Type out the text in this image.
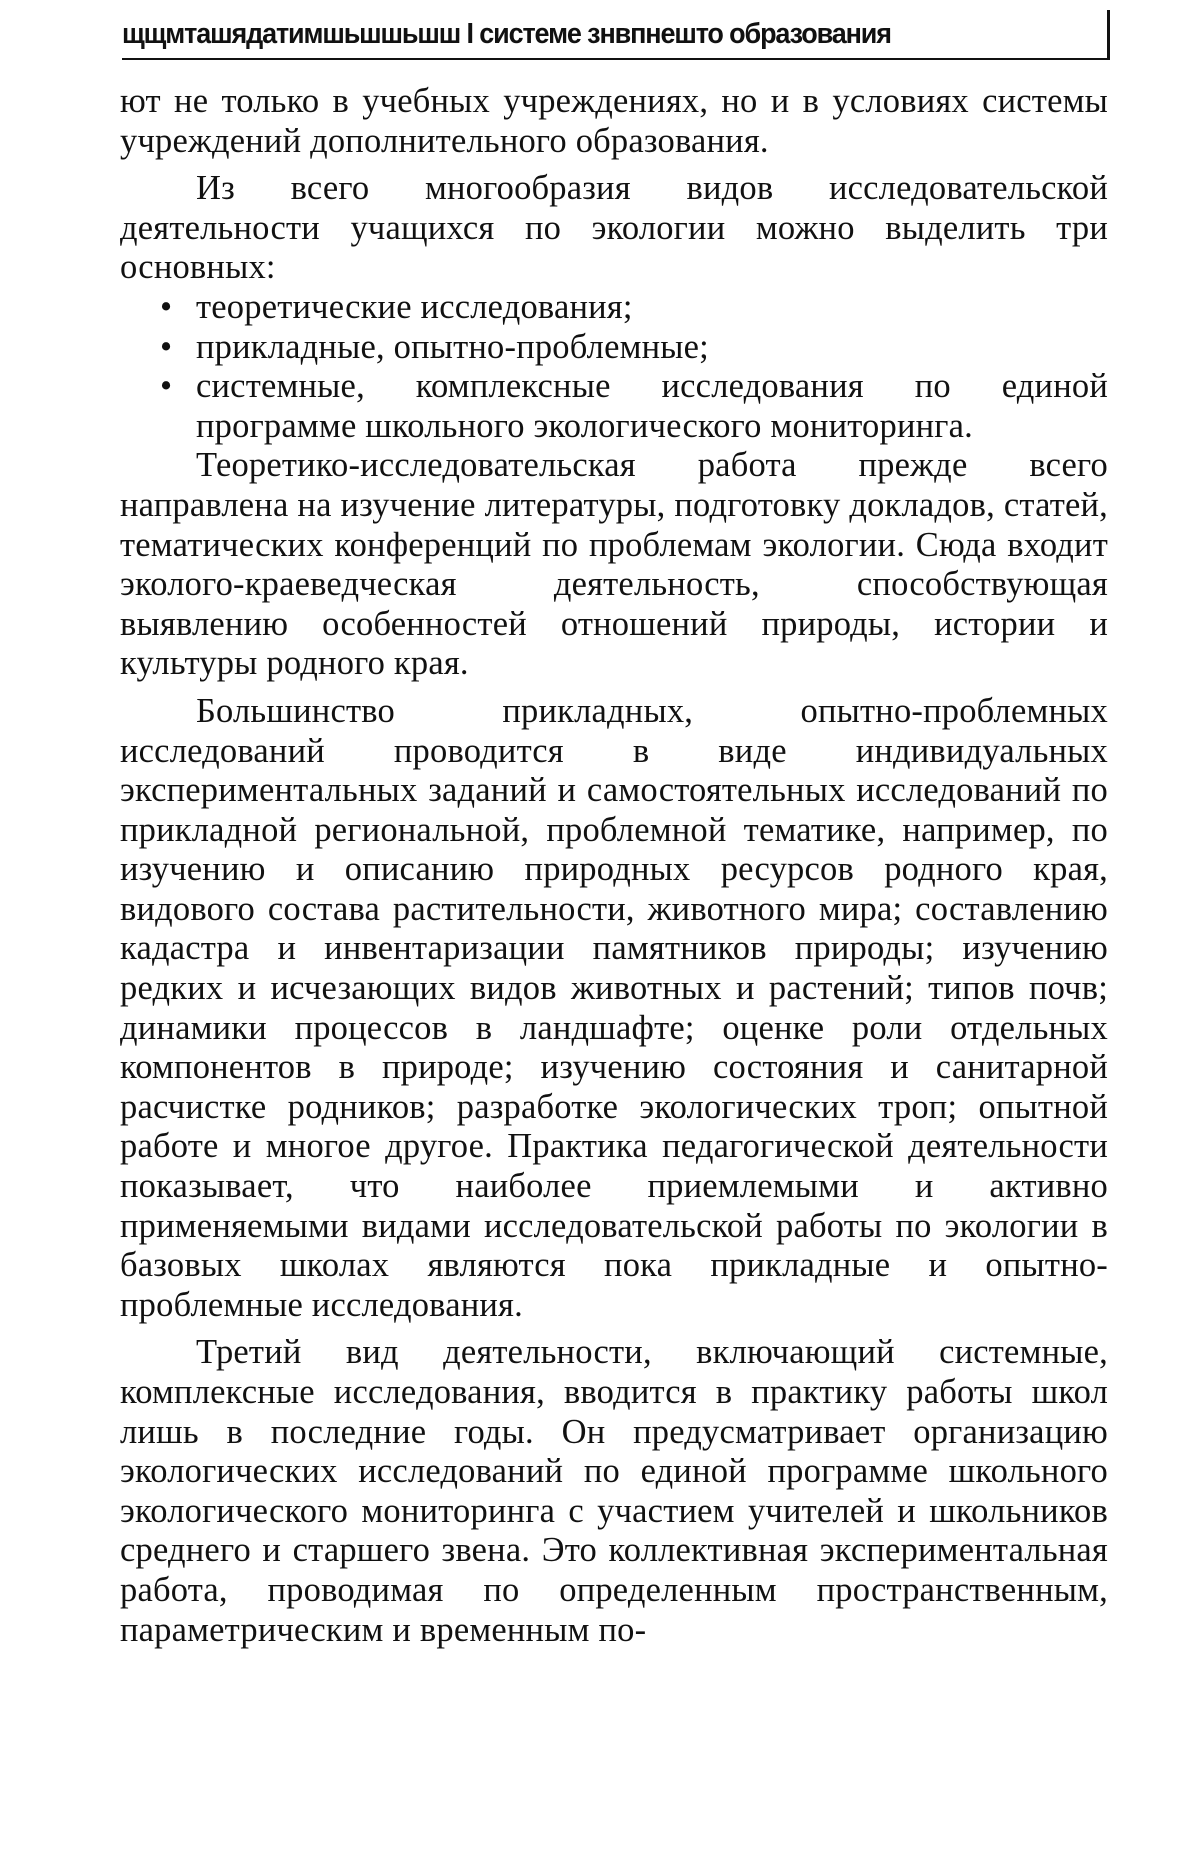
щщмташядатимшьшшьшш I системе знвпнешто образования

ют не только в учебных учреждениях, но и в условиях системы учреждений дополнительного образования.

Из всего многообразия видов исследовательской деятельности учащихся по экологии можно выделить три основных:

• теоретические исследования;
• прикладные, опытно-проблемные;
• системные, комплексные исследования по единой программе школьного экологического мониторинга.

Теоретико-исследовательская работа прежде всего направлена на изучение литературы, подготовку докладов, статей, тематических конференций по проблемам экологии. Сюда входит эколого-краеведческая деятельность, способствующая выявлению особенностей отношений природы, истории и культуры родного края.

Большинство прикладных, опытно-проблемных исследований проводится в виде индивидуальных экспериментальных заданий и самостоятельных исследований по прикладной региональной, проблемной тематике, например, по изучению и описанию природных ресурсов родного края, видового состава растительности, животного мира; составлению кадастра и инвентаризации памятников природы; изучению редких и исчезающих видов животных и растений; типов почв; динамики процессов в ландшафте; оценке роли отдельных компонентов в природе; изучению состояния и санитарной расчистке родников; разработке экологических троп; опытной работе и многое другое. Практика педагогической деятельности показывает, что наиболее приемлемыми и активно применяемыми видами исследовательской работы по экологии в базовых школах являются пока прикладные и опытно-проблемные исследования.

Третий вид деятельности, включающий системные, комплексные исследования, вводится в практику работы школ лишь в последние годы. Он предусматривает организацию экологических исследований по единой программе школьного экологического мониторинга с участием учителей и школьников среднего и старшего звена. Это коллективная экспериментальная работа, проводимая по определенным пространственным, параметрическим и временным по-
